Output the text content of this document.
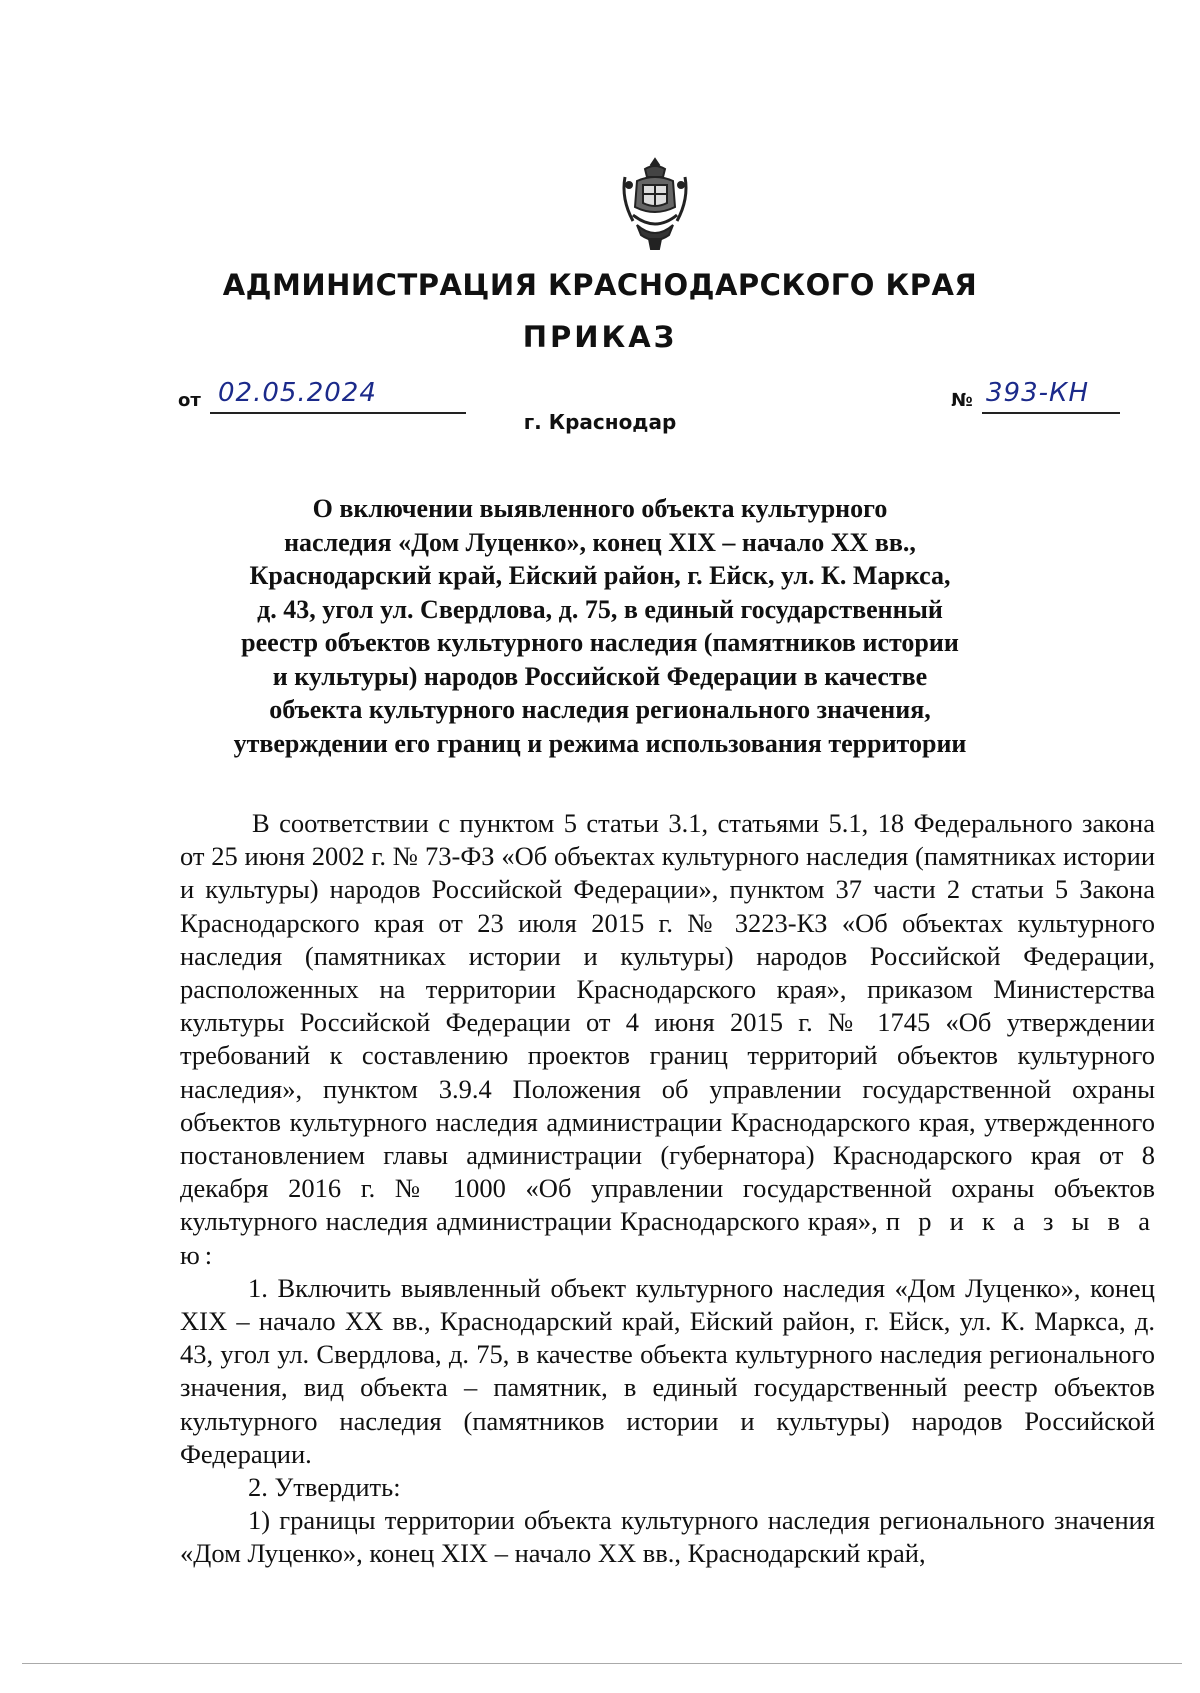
АДМИНИСТРАЦИЯ КРАСНОДАРСКОГО КРАЯ
ПРИКАЗ
от 02.05.2024	№ 393-КН
г. Краснодар
О включении выявленного объекта культурного
наследия «Дом Луценко», конец XIX – начало XX вв.,
Краснодарский край, Ейский район, г. Ейск, ул. К. Маркса,
д. 43, угол ул. Свердлова, д. 75, в единый государственный
реестр объектов культурного наследия (памятников истории
и культуры) народов Российской Федерации в качестве
объекта культурного наследия регионального значения,
утверждении его границ и режима использования территории

В соответствии с пунктом 5 статьи 3.1, статьями 5.1, 18 Федерального закона от 25 июня 2002 г. № 73-ФЗ «Об объектах культурного наследия (памятниках истории и культуры) народов Российской Федерации», пунктом 37 части 2 статьи 5 Закона Краснодарского края от 23 июля 2015 г. № 3223-КЗ «Об объектах культурного наследия (памятниках истории и культуры) народов Российской Федерации, расположенных на территории Краснодарского края», приказом Министерства культуры Российской Федерации от 4 июня 2015 г. № 1745 «Об утверждении требований к составлению проектов границ территорий объектов культурного наследия», пунктом 3.9.4 Положения об управлении государственной охраны объектов культурного наследия администрации Краснодарского края, утвержденного постановлением главы администрации (губернатора) Краснодарского края от 8 декабря 2016 г. № 1000 «Об управлении государственной охраны объектов культурного наследия администрации Краснодарского края», п р и к а з ы в а ю:

1. Включить выявленный объект культурного наследия «Дом Луценко», конец XIX – начало XX вв., Краснодарский край, Ейский район, г. Ейск, ул. К. Маркса, д. 43, угол ул. Свердлова, д. 75, в качестве объекта культурного наследия регионального значения, вид объекта – памятник, в единый государственный реестр объектов культурного наследия (памятников истории и культуры) народов Российской Федерации.

2. Утвердить:

1) границы территории объекта культурного наследия регионального значения «Дом Луценко», конец XIX – начало XX вв., Краснодарский край,
